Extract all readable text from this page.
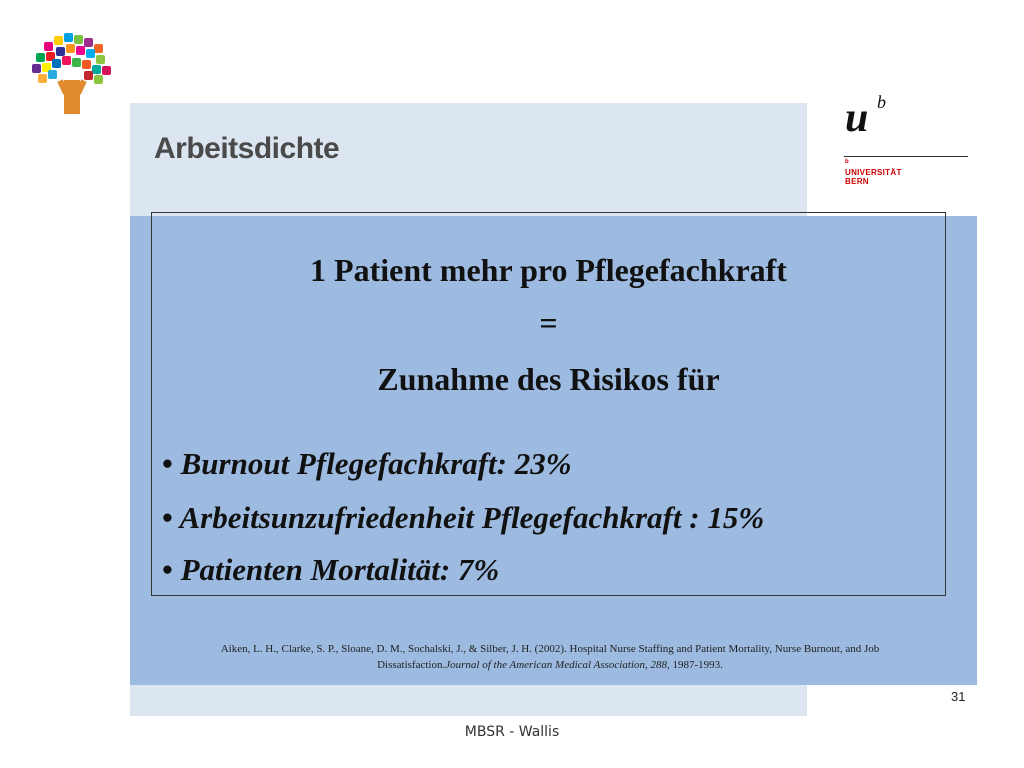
Arbeitsdichte
u b
b
UNIVERSITÄT
BERN
1 Patient mehr pro Pflegefachkraft
=
Zunahme des Risikos für
• Burnout Pflegefachkraft: 23%
• Arbeitsunzufriedenheit Pflegefachkraft : 15%
• Patienten Mortalität: 7%
Aiken, L. H., Clarke, S. P., Sloane, D. M., Sochalski, J., & Silber, J. H. (2002). Hospital Nurse Staffing and Patient Mortality, Nurse Burnout, and Job
Dissatisfaction.Journal of the American Medical Association, 288, 1987-1993.
31
MBSR - Wallis
